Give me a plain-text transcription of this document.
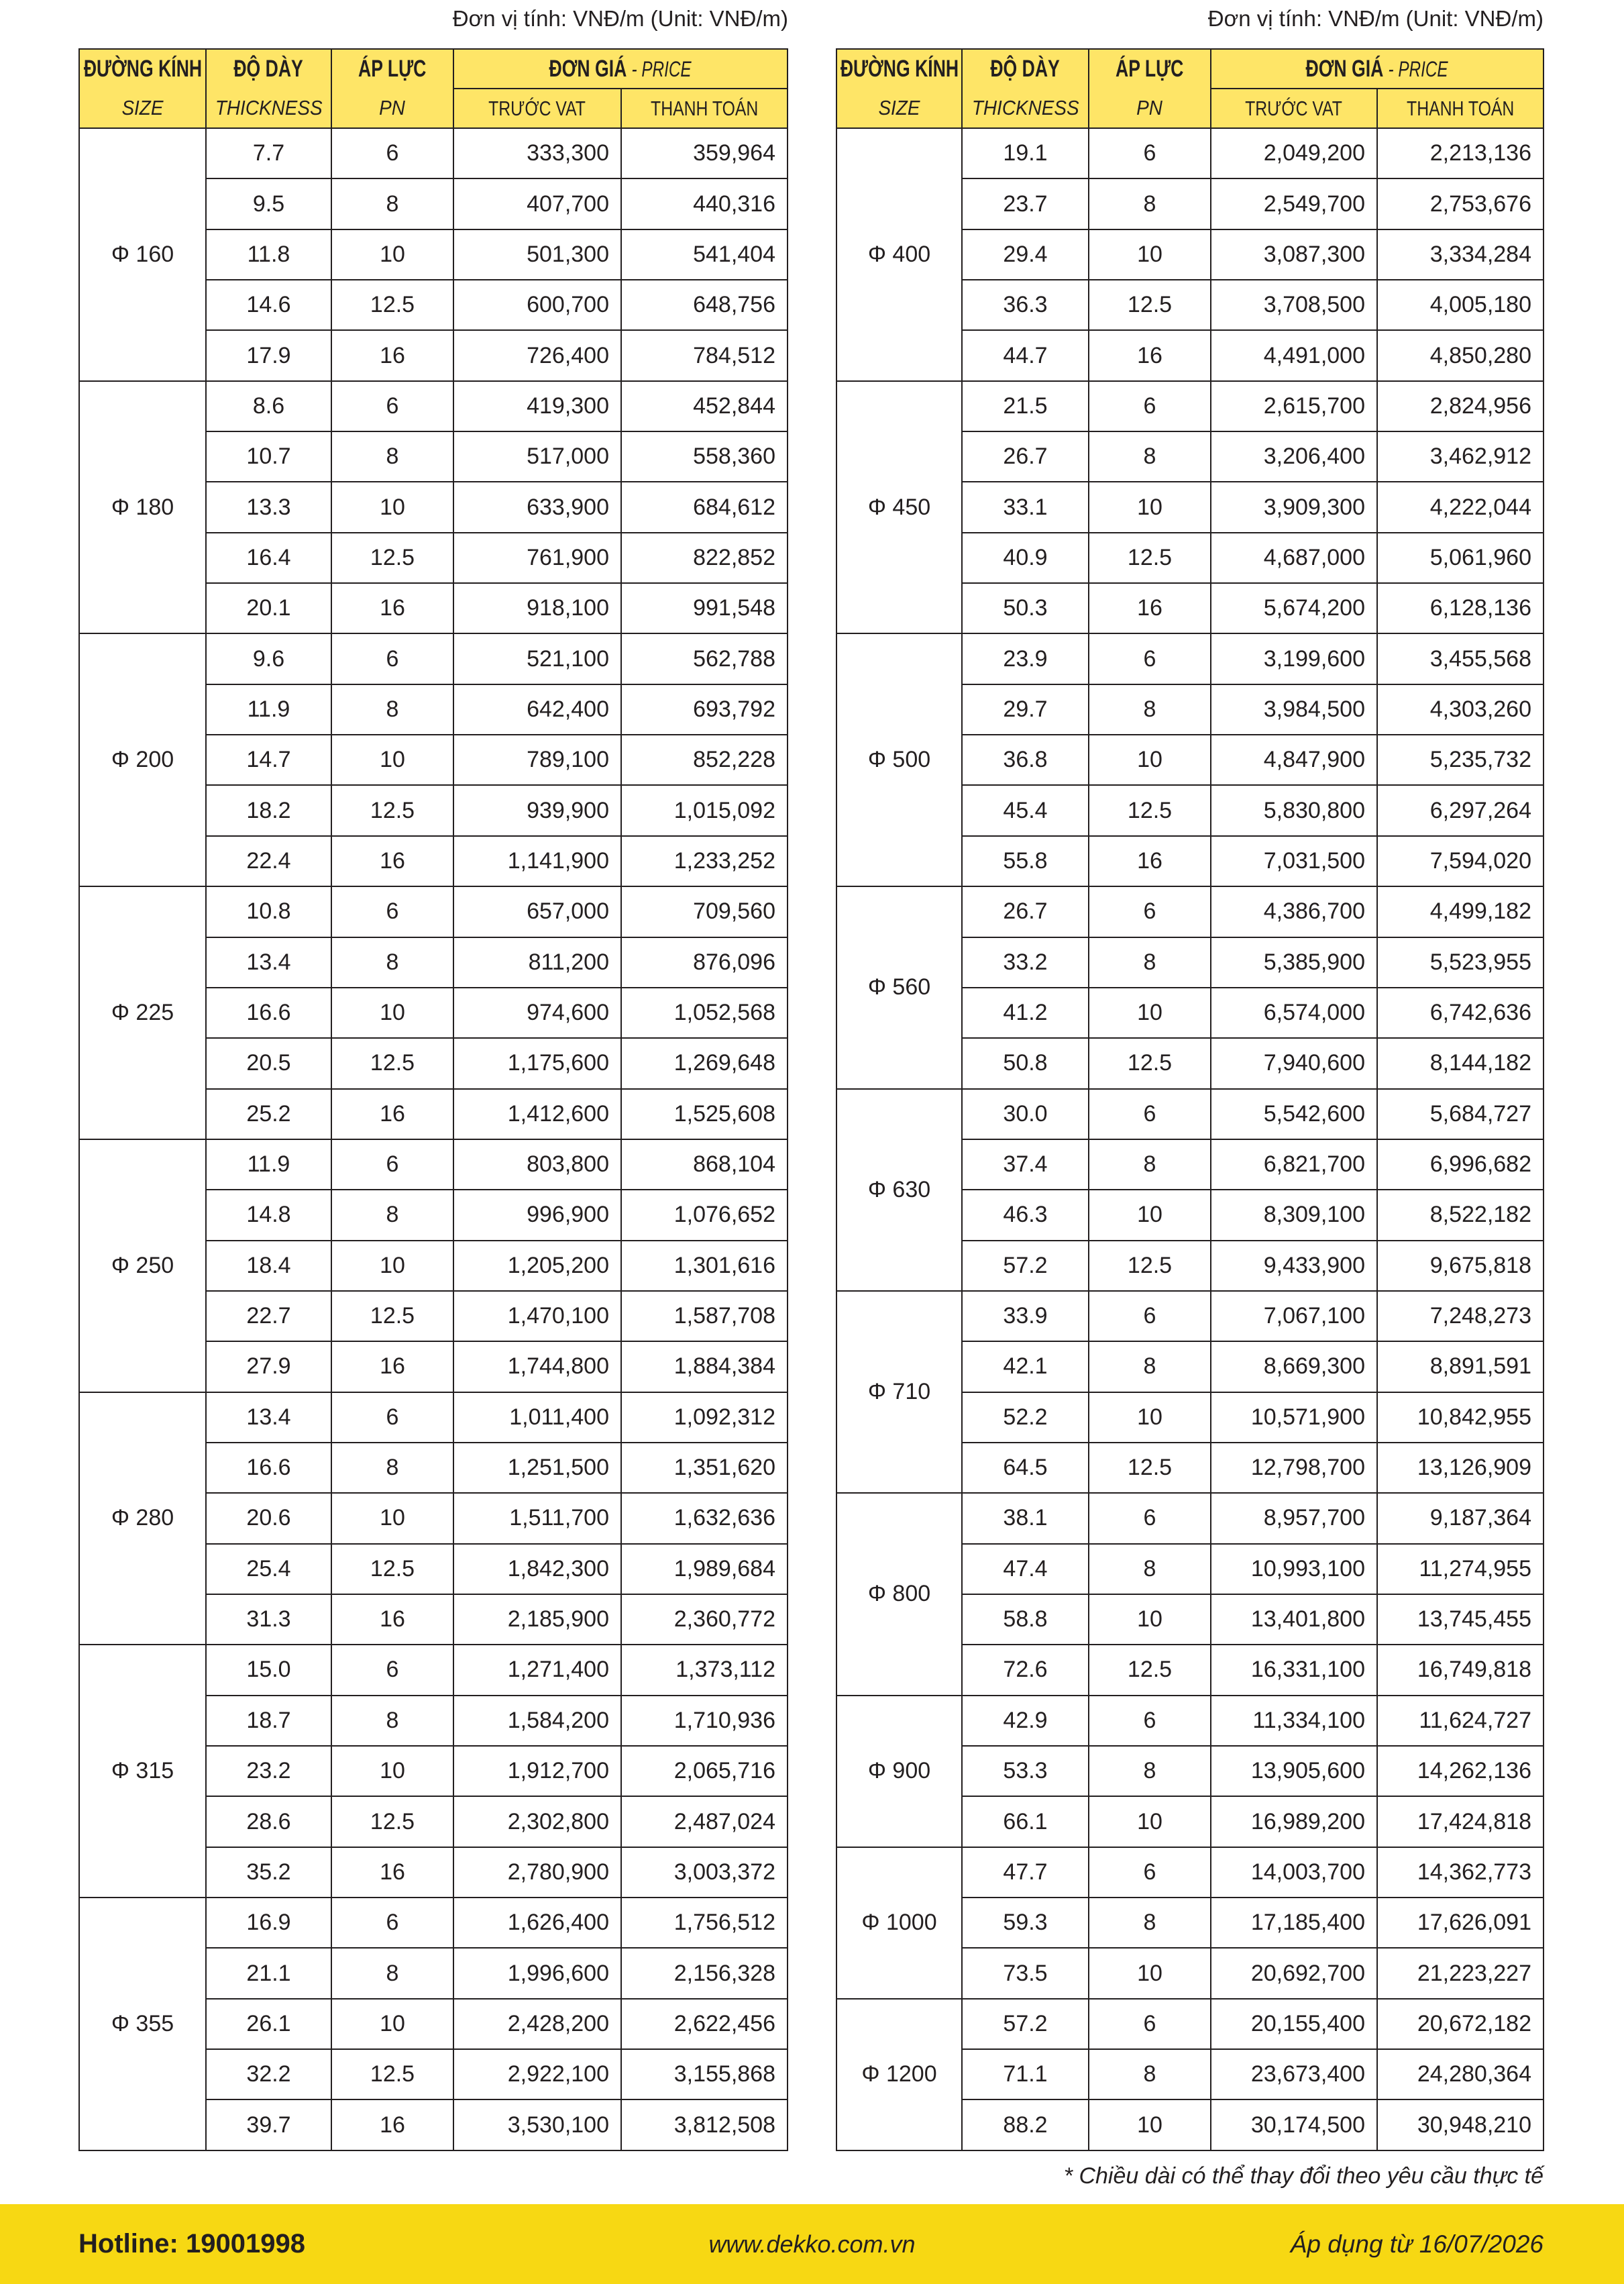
Đơn vị tính: VNĐ/m (Unit: VNĐ/m)	Đơn vị tính: VNĐ/m (Unit: VNĐ/m)
ĐƯỜNG KÍNH
SIZE
ĐỘ DÀY
THICKNESS
ÁP LỰC
PN
ĐƠN GIÁ - PRICE
TRƯỚC VAT	THANH TOÁN
Φ 160
7.7	6	333,300	359,964
9.5	8	407,700	440,316
11.8	10	501,300	541,404
14.6	12.5	600,700	648,756
17.9	16	726,400	784,512
Φ 180
8.6	6	419,300	452,844
10.7	8	517,000	558,360
13.3	10	633,900	684,612
16.4	12.5	761,900	822,852
20.1	16	918,100	991,548
Φ 200
9.6	6	521,100	562,788
11.9	8	642,400	693,792
14.7	10	789,100	852,228
18.2	12.5	939,900	1,015,092
22.4	16	1,141,900	1,233,252
Φ 225
10.8	6	657,000	709,560
13.4	8	811,200	876,096
16.6	10	974,600	1,052,568
20.5	12.5	1,175,600	1,269,648
25.2	16	1,412,600	1,525,608
Φ 250
11.9	6	803,800	868,104
14.8	8	996,900	1,076,652
18.4	10	1,205,200	1,301,616
22.7	12.5	1,470,100	1,587,708
27.9	16	1,744,800	1,884,384
Φ 280
13.4	6	1,011,400	1,092,312
16.6	8	1,251,500	1,351,620
20.6	10	1,511,700	1,632,636
25.4	12.5	1,842,300	1,989,684
31.3	16	2,185,900	2,360,772
Φ 315
15.0	6	1,271,400	1,373,112
18.7	8	1,584,200	1,710,936
23.2	10	1,912,700	2,065,716
28.6	12.5	2,302,800	2,487,024
35.2	16	2,780,900	3,003,372
Φ 355
16.9	6	1,626,400	1,756,512
21.1	8	1,996,600	2,156,328
26.1	10	2,428,200	2,622,456
32.2	12.5	2,922,100	3,155,868
39.7	16	3,530,100	3,812,508
ĐƯỜNG KÍNH
SIZE
ĐỘ DÀY
THICKNESS
ÁP LỰC
PN
ĐƠN GIÁ - PRICE
TRƯỚC VAT	THANH TOÁN
Φ 400
19.1	6	2,049,200	2,213,136
23.7	8	2,549,700	2,753,676
29.4	10	3,087,300	3,334,284
36.3	12.5	3,708,500	4,005,180
44.7	16	4,491,000	4,850,280
Φ 450
21.5	6	2,615,700	2,824,956
26.7	8	3,206,400	3,462,912
33.1	10	3,909,300	4,222,044
40.9	12.5	4,687,000	5,061,960
50.3	16	5,674,200	6,128,136
Φ 500
23.9	6	3,199,600	3,455,568
29.7	8	3,984,500	4,303,260
36.8	10	4,847,900	5,235,732
45.4	12.5	5,830,800	6,297,264
55.8	16	7,031,500	7,594,020
Φ 560
26.7	6	4,386,700	4,499,182
33.2	8	5,385,900	5,523,955
41.2	10	6,574,000	6,742,636
50.8	12.5	7,940,600	8,144,182
Φ 630
30.0	6	5,542,600	5,684,727
37.4	8	6,821,700	6,996,682
46.3	10	8,309,100	8,522,182
57.2	12.5	9,433,900	9,675,818
Φ 710
33.9	6	7,067,100	7,248,273
42.1	8	8,669,300	8,891,591
52.2	10	10,571,900	10,842,955
64.5	12.5	12,798,700	13,126,909
Φ 800
38.1	6	8,957,700	9,187,364
47.4	8	10,993,100	11,274,955
58.8	10	13,401,800	13,745,455
72.6	12.5	16,331,100	16,749,818
Φ 900
42.9	6	11,334,100	11,624,727
53.3	8	13,905,600	14,262,136
66.1	10	16,989,200	17,424,818
Φ 1000
47.7	6	14,003,700	14,362,773
59.3	8	17,185,400	17,626,091
73.5	10	20,692,700	21,223,227
Φ 1200
57.2	6	20,155,400	20,672,182
71.1	8	23,673,400	24,280,364
88.2	10	30,174,500	30,948,210
* Chiều dài có thể thay đổi theo yêu cầu thực tế
Hotline: 19001998	www.dekko.com.vn	Áp dụng từ 16/07/2026
